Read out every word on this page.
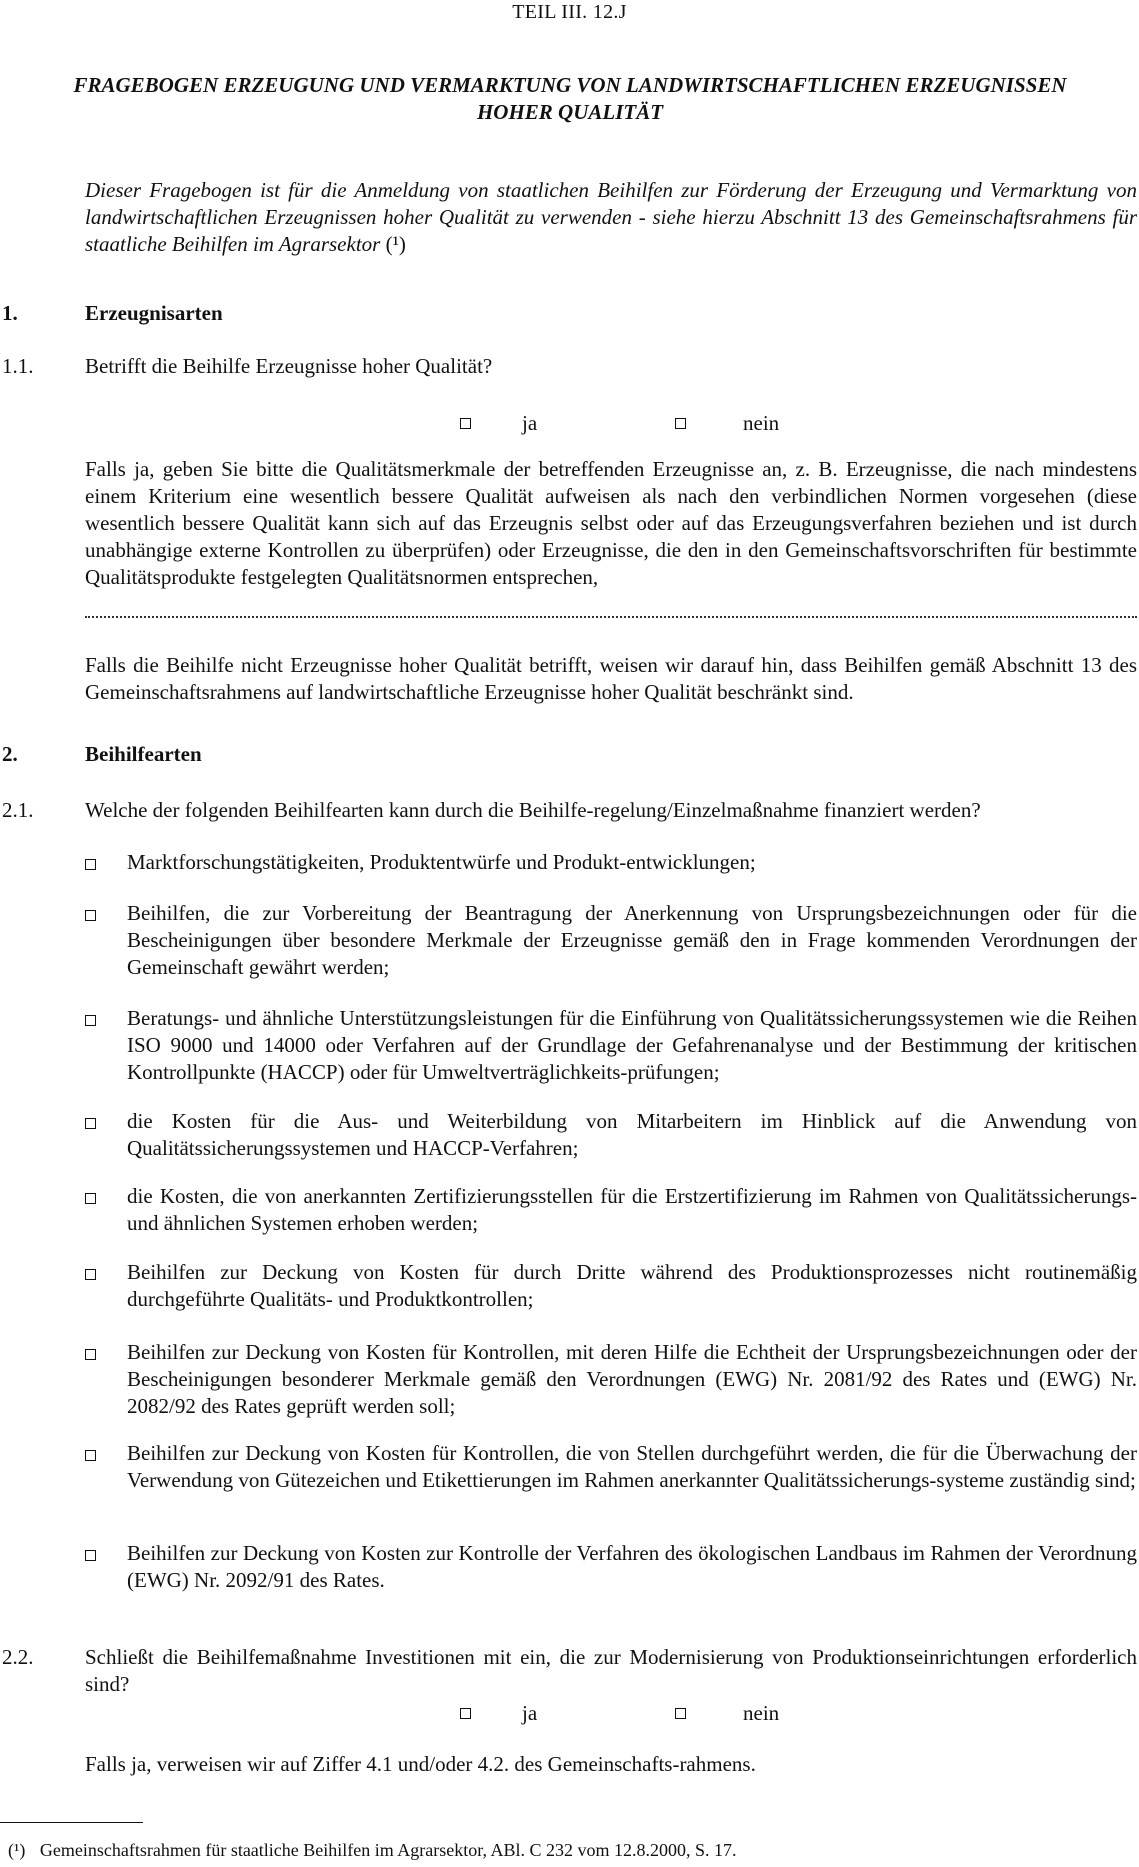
TEIL III. 12.J
FRAGEBOGEN ERZEUGUNG UND VERMARKTUNG VON LANDWIRTSCHAFTLICHEN ERZEUGNISSEN
HOHER QUALITÄT
Dieser Fragebogen ist für die Anmeldung von staatlichen Beihilfen zur Förderung der Erzeugung und Vermarktung von landwirtschaftlichen Erzeugnissen hoher Qualität zu verwenden - siehe hierzu Abschnitt 13 des Gemeinschaftsrahmens für staatliche Beihilfen im Agrarsektor (¹)
1.	Erzeugnisarten
1.1. Betrifft die Beihilfe Erzeugnisse hoher Qualität?
ja	nein
Falls ja, geben Sie bitte die Qualitätsmerkmale der betreffenden Erzeugnisse an, z. B. Erzeugnisse, die nach mindestens einem Kriterium eine wesentlich bessere Qualität aufweisen als nach den verbindlichen Normen vorgesehen (diese wesentlich bessere Qualität kann sich auf das Erzeugnis selbst oder auf das Erzeugungsverfahren beziehen und ist durch unabhängige externe Kontrollen zu überprüfen) oder Erzeugnisse, die den in den Gemeinschaftsvorschriften für bestimmte Qualitätsprodukte festgelegten Qualitätsnormen entsprechen,
Falls die Beihilfe nicht Erzeugnisse hoher Qualität betrifft, weisen wir darauf hin, dass Beihilfen gemäß Abschnitt 13 des Gemeinschaftsrahmens auf landwirtschaftliche Erzeugnisse hoher Qualität beschränkt sind.
2.	Beihilfearten
2.1. Welche der folgenden Beihilfearten kann durch die Beihilfe-regelung/Einzelmaßnahme finanziert werden?
Marktforschungstätigkeiten, Produktentwürfe und Produkt-entwicklungen;
Beihilfen, die zur Vorbereitung der Beantragung der Anerkennung von Ursprungsbezeichnungen oder für die Bescheinigungen über besondere Merkmale der Erzeugnisse gemäß den in Frage kommenden Verordnungen der Gemeinschaft gewährt werden;
Beratungs- und ähnliche Unterstützungsleistungen für die Einführung von Qualitätssicherungssystemen wie die Reihen ISO 9000 und 14000 oder Verfahren auf der Grundlage der Gefahrenanalyse und der Bestimmung der kritischen Kontrollpunkte (HACCP) oder für Umweltverträglichkeits-prüfungen;
die Kosten für die Aus- und Weiterbildung von Mitarbeitern im Hinblick auf die Anwendung von Qualitätssicherungssystemen und HACCP-Verfahren;
die Kosten, die von anerkannten Zertifizierungsstellen für die Erstzertifizierung im Rahmen von Qualitätssicherungs- und ähnlichen Systemen erhoben werden;
Beihilfen zur Deckung von Kosten für durch Dritte während des Produktionsprozesses nicht routinemäßig durchgeführte Qualitäts- und Produktkontrollen;
Beihilfen zur Deckung von Kosten für Kontrollen, mit deren Hilfe die Echtheit der Ursprungsbezeichnungen oder der Bescheinigungen besonderer Merkmale gemäß den Verordnungen (EWG) Nr. 2081/92 des Rates und (EWG) Nr. 2082/92 des Rates geprüft werden soll;
Beihilfen zur Deckung von Kosten für Kontrollen, die von Stellen durchgeführt werden, die für die Überwachung der Verwendung von Gütezeichen und Etikettierungen im Rahmen anerkannter Qualitätssicherungs-systeme zuständig sind;
Beihilfen zur Deckung von Kosten zur Kontrolle der Verfahren des ökologischen Landbaus im Rahmen der Verordnung (EWG) Nr. 2092/91 des Rates.
2.2. Schließt die Beihilfemaßnahme Investitionen mit ein, die zur Modernisierung von Produktionseinrichtungen erforderlich sind?
ja	nein
Falls ja, verweisen wir auf Ziffer 4.1 und/oder 4.2. des Gemeinschafts-rahmens.
(¹) Gemeinschaftsrahmen für staatliche Beihilfen im Agrarsektor, ABl. C 232 vom 12.8.2000, S. 17.
